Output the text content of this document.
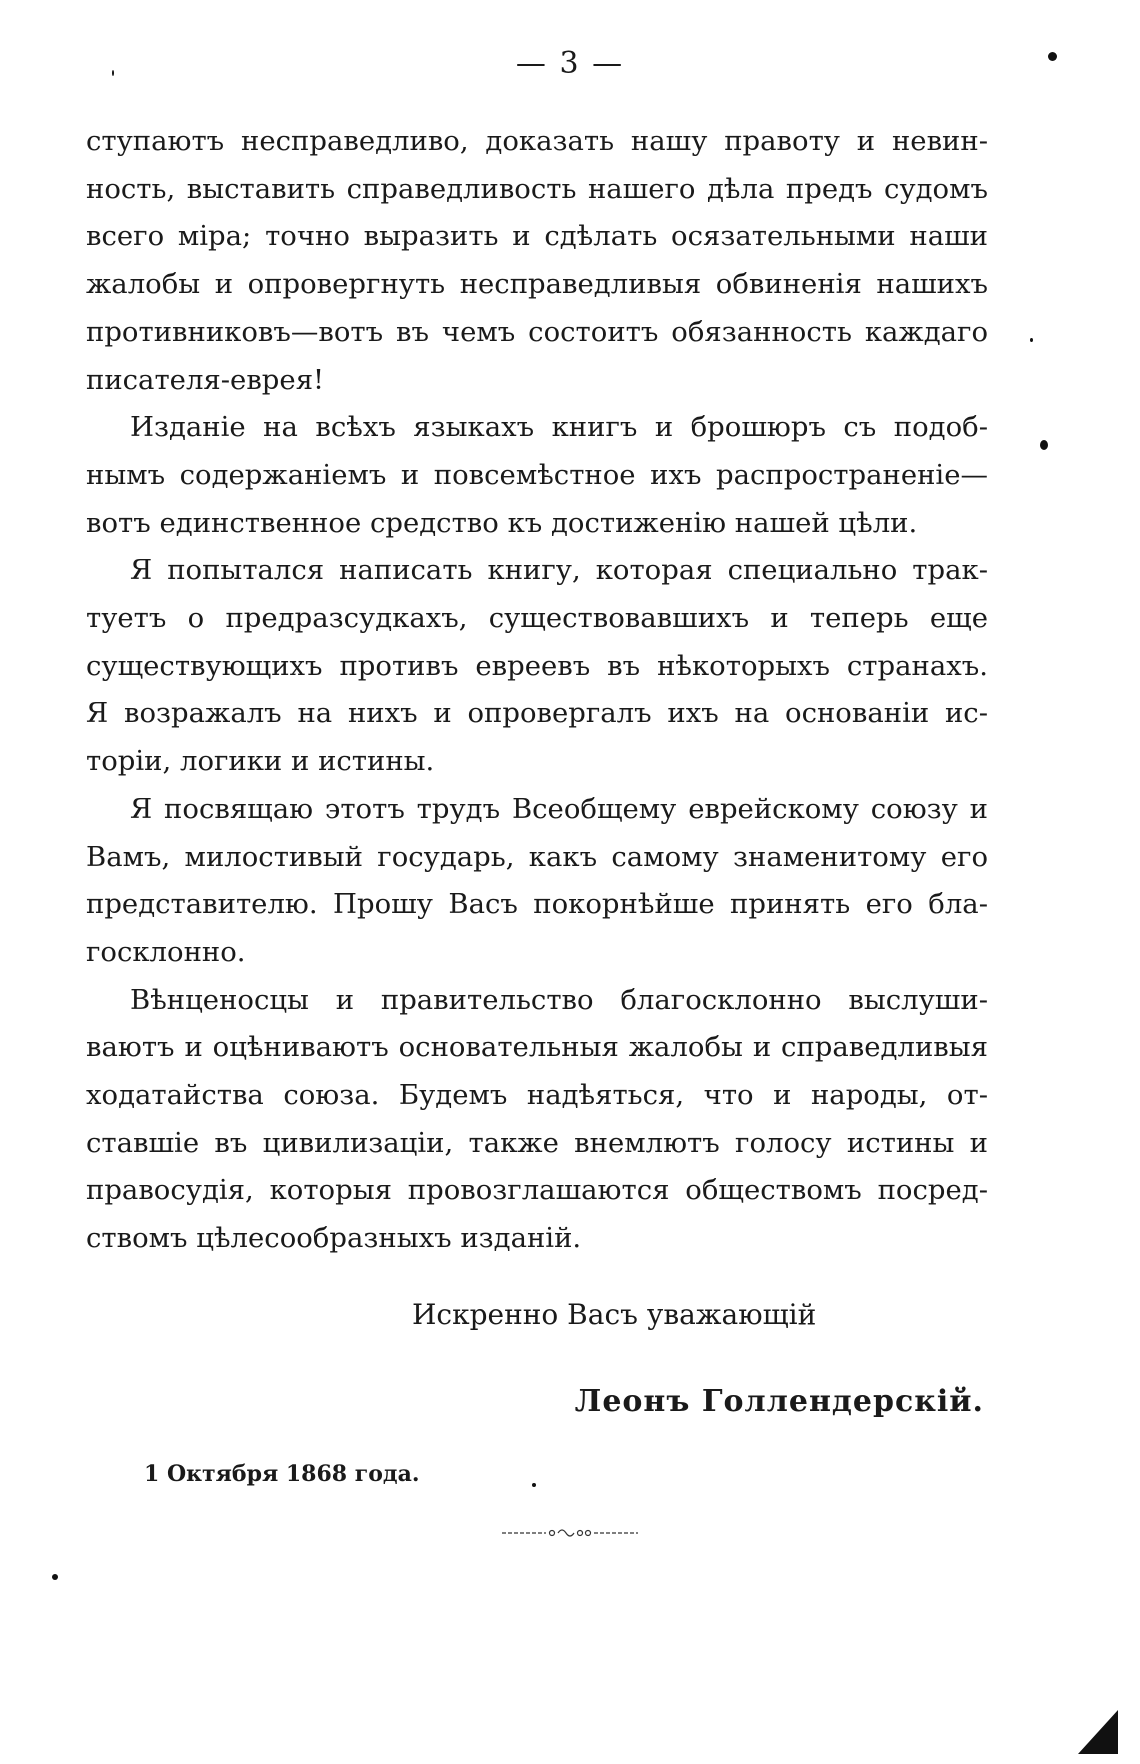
— 3 —

ступаютъ несправедливо, доказать нашу правоту и невин-
ность, выставить справедливость нашего дѣла предъ судомъ
всего міра; точно выразить и сдѣлать осязательными наши
жалобы и опровергнуть несправедливыя обвиненія нашихъ
противниковъ—вотъ въ чемъ состоитъ обязанность каждаго
писателя-еврея!

Изданіе на всѣхъ языкахъ книгъ и брошюръ съ подоб-
нымъ содержаніемъ и повсемѣстное ихъ распространеніе—
вотъ единственное средство къ достиженію нашей цѣли.

Я попытался написать книгу, которая специально трак-
туетъ о предразсудкахъ, существовавшихъ и теперь еще
существующихъ противъ евреевъ въ нѣкоторыхъ странахъ.
Я возражалъ на нихъ и опровергалъ ихъ на основаніи ис-
торіи, логики и истины.

Я посвящаю этотъ трудъ Всеобщему еврейскому союзу и
Вамъ, милостивый государь, какъ самому знаменитому его
представителю. Прошу Васъ покорнѣйше принять его бла-
госклонно.

Вѣнценосцы и правительство благосклонно выслуши-
ваютъ и оцѣниваютъ основательныя жалобы и справедливыя
ходатайства союза. Будемъ надѣяться, что и народы, от-
ставшіе въ цивилизаціи, также внемлютъ голосу истины и
правосудія, которыя провозглашаются обществомъ посред-
ствомъ цѣлесообразныхъ изданій.

Искренно Васъ уважающій
Леонъ Голлендерскій.
1 Октября 1868 года.
